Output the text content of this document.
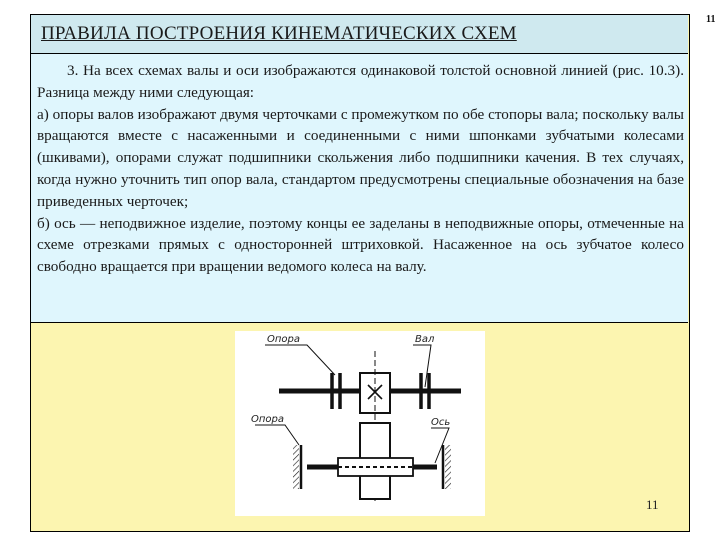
11
ПРАВИЛА ПОСТРОЕНИЯ КИНЕМАТИЧЕСКИХ СХЕМ

3. На всех схемах валы и оси изображаются одинаковой толстой основной линией (рис. 10.3). Разница между ними следующая:

а) опоры валов изображают двумя черточками с промежутком по обе стопоры вала; поскольку валы вращаются вместе с насаженными и соединенными с ними шпонками зубчатыми колесами (шкивами), опорами служат подшипники скольжения либо подшипники качения. В тех случаях, когда нужно уточнить тип опор вала, стандартом предусмотрены специальные обозначения на базе приведенных черточек;

б) ось — неподвижное изделие, поэтому концы ее заделаны в неподвижные опоры, отмеченные на схеме отрезками прямых с односторонней штриховкой. Насаженное на ось зубчатое колесо свободно вращается при вращении ведомого колеса на валу.

Опора	Вал
Опора	Ось
11
